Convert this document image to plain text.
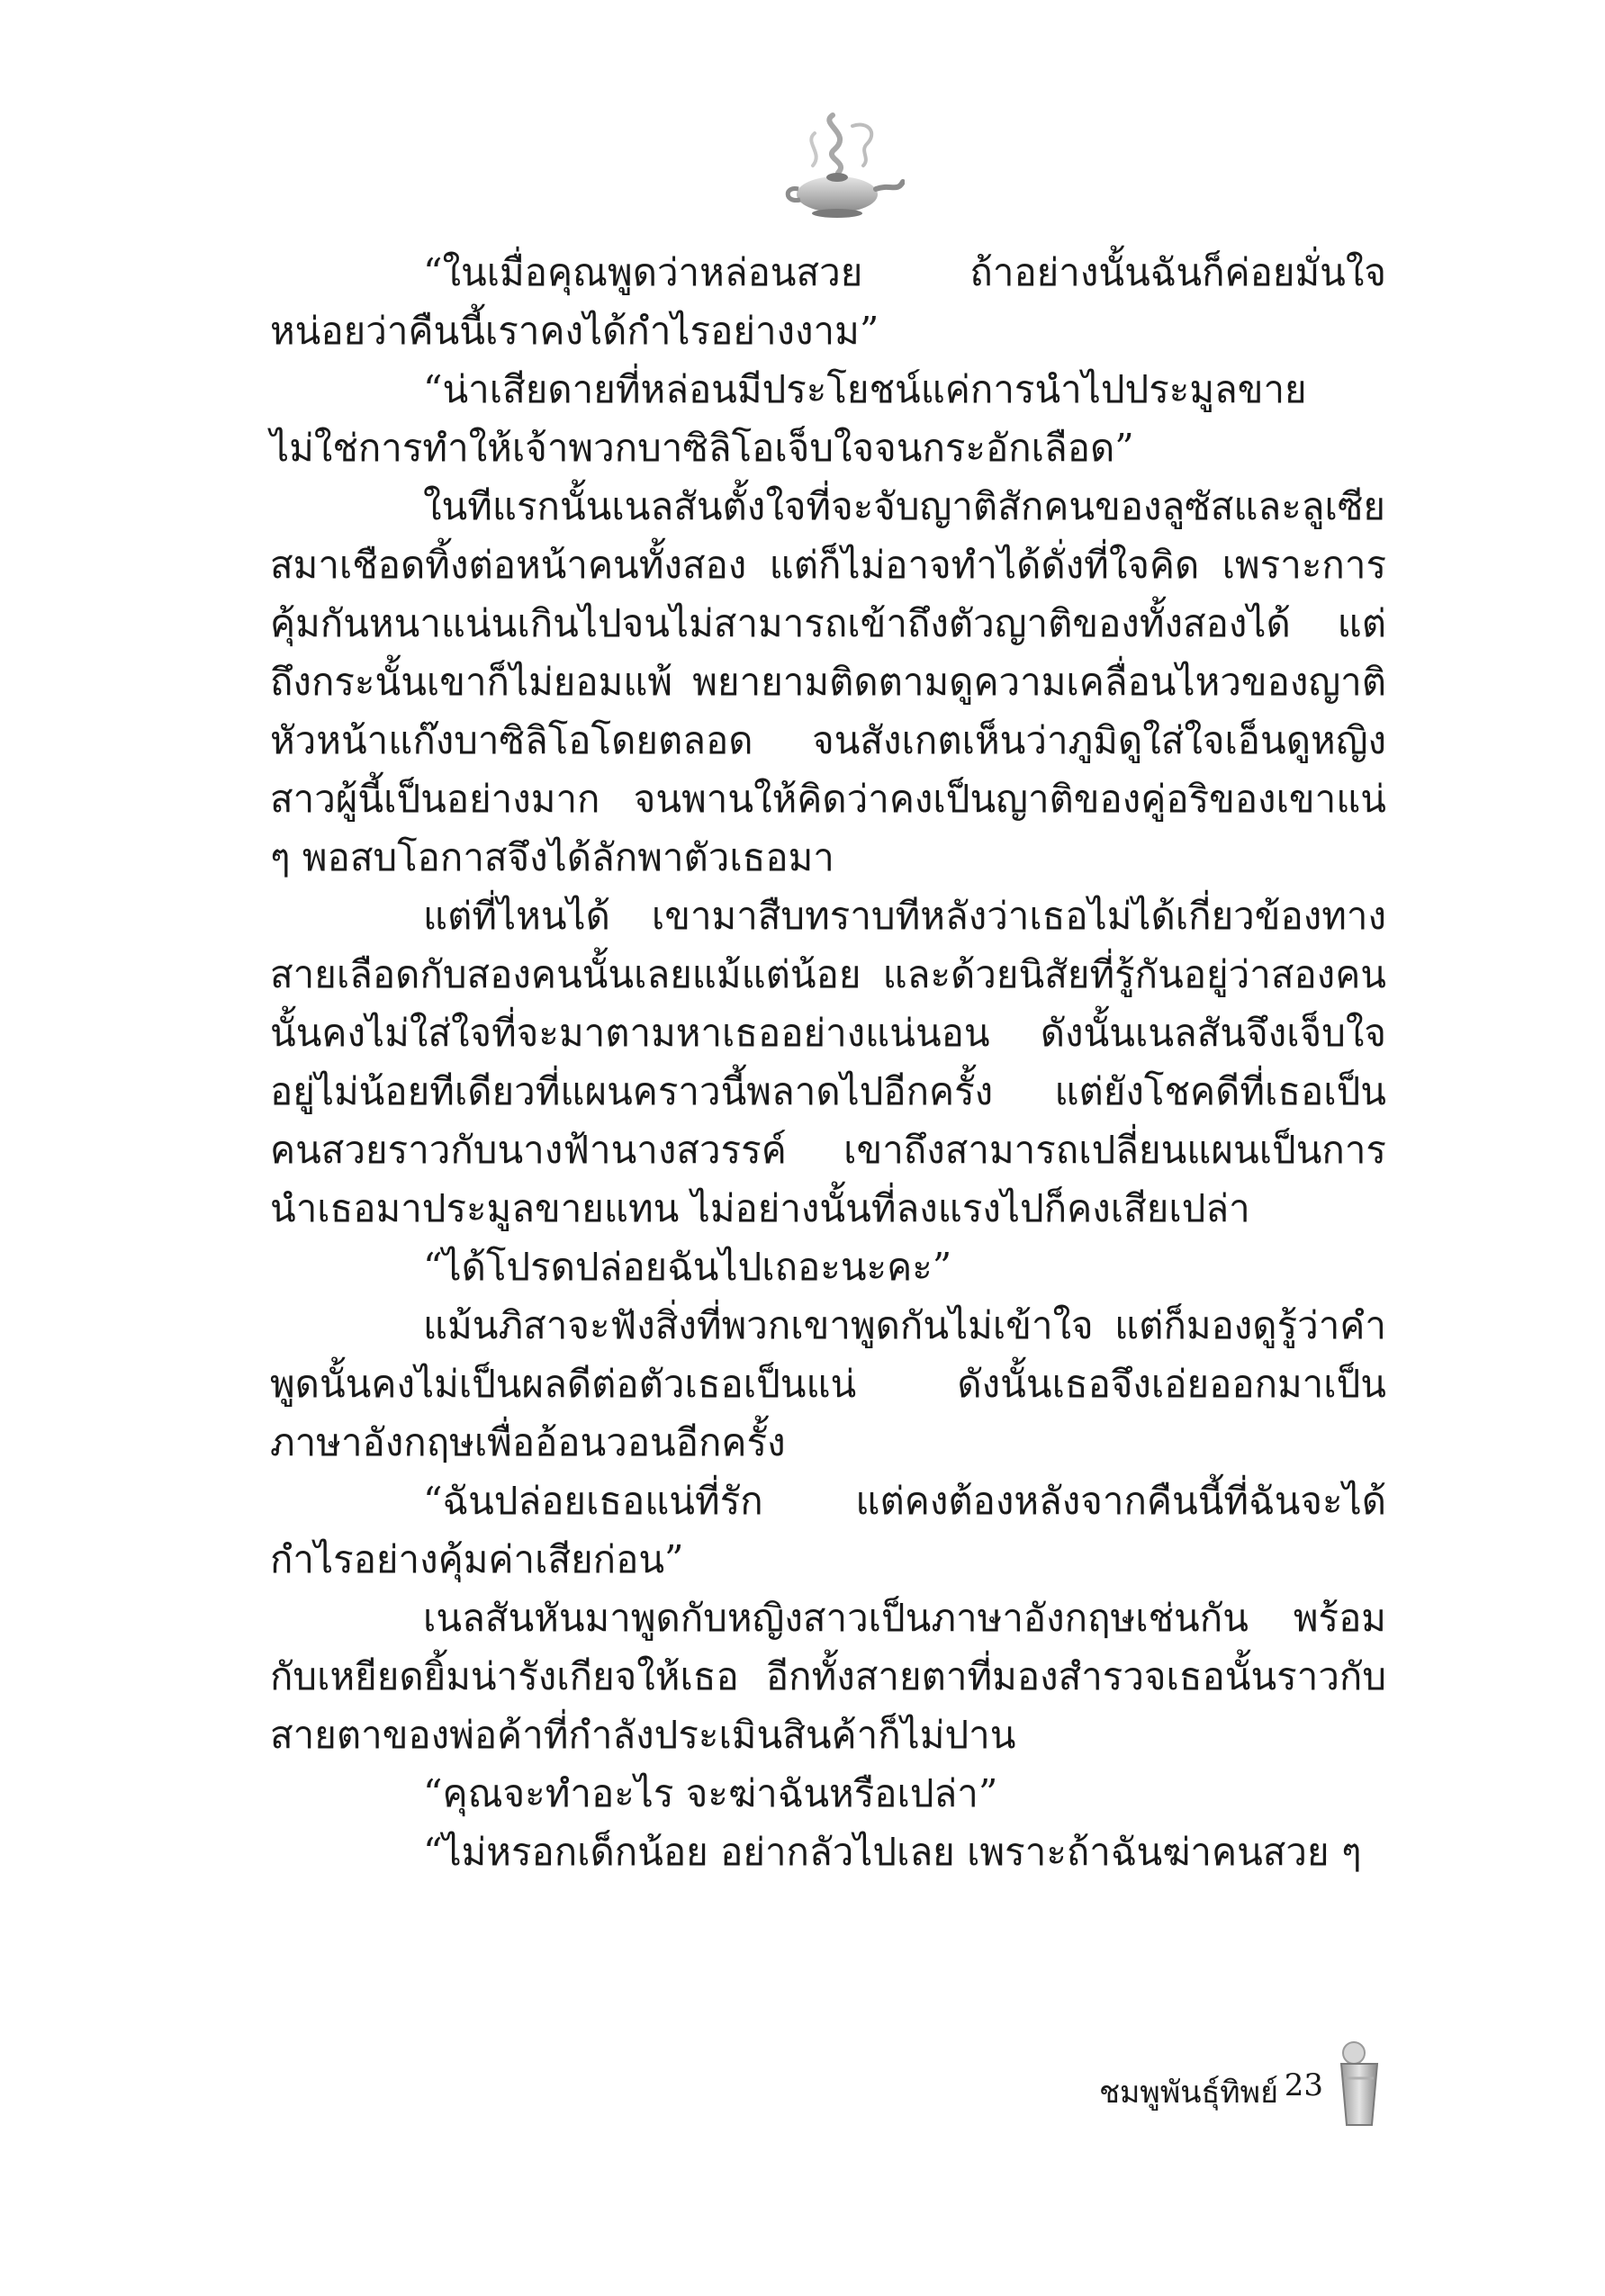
“ในเมื่อคุณพูดว่าหล่อนสวย ถ้าอย่างนั้นฉันก็ค่อยมั่นใจหน่อยว่าคืนนี้เราคงได้กำไรอย่างงาม”

“น่าเสียดายที่หล่อนมีประโยชน์แค่การนำไปประมูลขาย ไม่ใช่การทำให้เจ้าพวกบาซิลิโอเจ็บใจจนกระอักเลือด”

ในทีแรกนั้นเนลสันตั้งใจที่จะจับญาติสักคนของลูซัสและลูเซียสมาเชือดทิ้งต่อหน้าคนทั้งสอง แต่ก็ไม่อาจทำได้ดั่งที่ใจคิด เพราะการคุ้มกันหนาแน่นเกินไปจนไม่สามารถเข้าถึงตัวญาติของทั้งสองได้ แต่ถึงกระนั้นเขาก็ไม่ยอมแพ้ พยายามติดตามดูความเคลื่อนไหวของญาติหัวหน้าแก๊งบาซิลิโอโดยตลอด จนสังเกตเห็นว่าภูมิดูใส่ใจเอ็นดูหญิงสาวผู้นี้เป็นอย่างมาก จนพานให้คิดว่าคงเป็นญาติของคู่อริของเขาแน่ ๆ พอสบโอกาสจึงได้ลักพาตัวเธอมา

แต่ที่ไหนได้ เขามาสืบทราบทีหลังว่าเธอไม่ได้เกี่ยวข้องทางสายเลือดกับสองคนนั้นเลยแม้แต่น้อย และด้วยนิสัยที่รู้กันอยู่ว่าสองคนนั้นคงไม่ใส่ใจที่จะมาตามหาเธออย่างแน่นอน ดังนั้นเนลสันจึงเจ็บใจอยู่ไม่น้อยทีเดียวที่แผนคราวนี้พลาดไปอีกครั้ง แต่ยังโชคดีที่เธอเป็นคนสวยราวกับนางฟ้านางสวรรค์ เขาถึงสามารถเปลี่ยนแผนเป็นการนำเธอมาประมูลขายแทน ไม่อย่างนั้นที่ลงแรงไปก็คงเสียเปล่า

“ได้โปรดปล่อยฉันไปเถอะนะคะ”

แม้นภิสาจะฟังสิ่งที่พวกเขาพูดกันไม่เข้าใจ แต่ก็มองดูรู้ว่าคำพูดนั้นคงไม่เป็นผลดีต่อตัวเธอเป็นแน่ ดังนั้นเธอจึงเอ่ยออกมาเป็นภาษาอังกฤษเพื่ออ้อนวอนอีกครั้ง

“ฉันปล่อยเธอแน่ที่รัก แต่คงต้องหลังจากคืนนี้ที่ฉันจะได้กำไรอย่างคุ้มค่าเสียก่อน”

เนลสันหันมาพูดกับหญิงสาวเป็นภาษาอังกฤษเช่นกัน พร้อมกับเหยียดยิ้มน่ารังเกียจให้เธอ อีกทั้งสายตาที่มองสำรวจเธอนั้นราวกับสายตาของพ่อค้าที่กำลังประเมินสินค้าก็ไม่ปาน

“คุณจะทำอะไร จะฆ่าฉันหรือเปล่า”

“ไม่หรอกเด็กน้อย อย่ากลัวไปเลย เพราะถ้าฉันฆ่าคนสวย ๆ

ชมพูพันธุ์ทิพย์ 23
